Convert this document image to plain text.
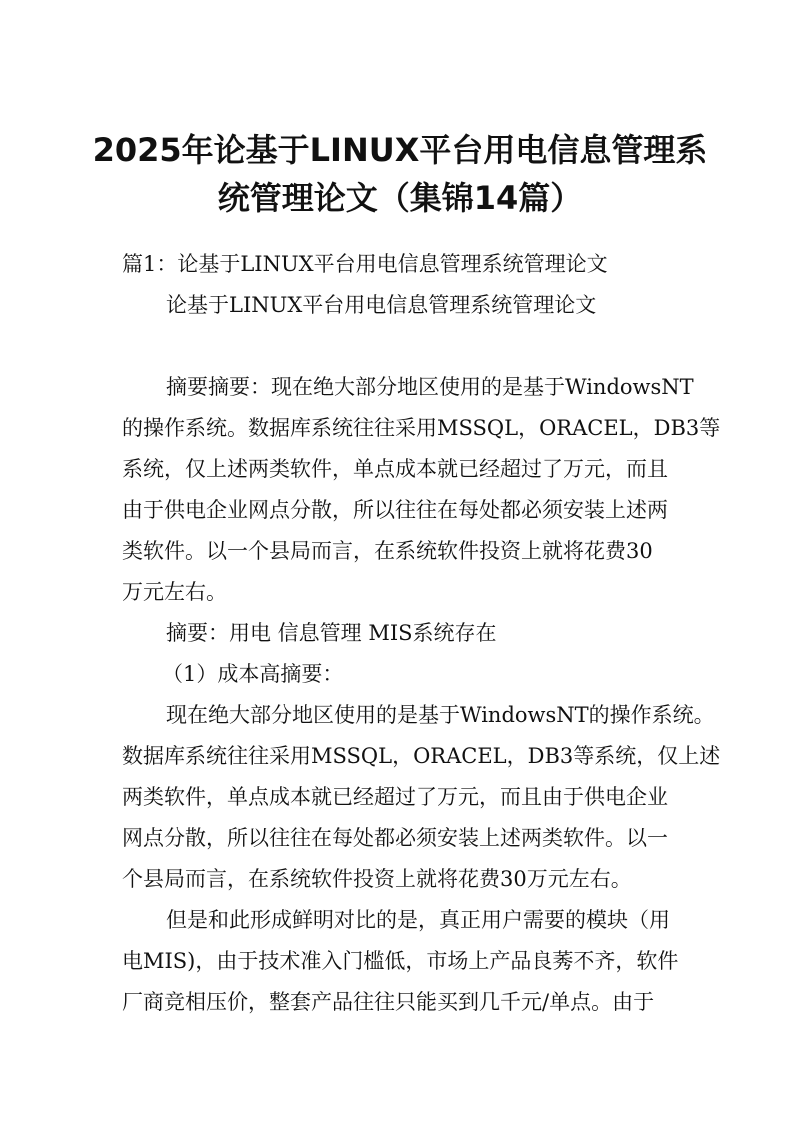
2025年论基于LINUX平台用电信息管理系
统管理论文（集锦14篇）
篇1：论基于LINUX平台用电信息管理系统管理论文
论基于LINUX平台用电信息管理系统管理论文
摘要摘要：现在绝大部分地区使用的是基于WindowsNT
的操作系统。数据库系统往往采用MSSQL，ORACEL，DB3等
系统，仅上述两类软件，单点成本就已经超过了万元，而且
由于供电企业网点分散，所以往往在每处都必须安装上述两
类软件。以一个县局而言，在系统软件投资上就将花费30
万元左右。
摘要：用电 信息管理 MIS系统存在
（1）成本高摘要：
现在绝大部分地区使用的是基于WindowsNT的操作系统。
数据库系统往往采用MSSQL，ORACEL，DB3等系统，仅上述
两类软件，单点成本就已经超过了万元，而且由于供电企业
网点分散，所以往往在每处都必须安装上述两类软件。以一
个县局而言，在系统软件投资上就将花费30万元左右。
但是和此形成鲜明对比的是，真正用户需要的模块（用
电MIS)，由于技术准入门槛低，市场上产品良莠不齐，软件
厂商竞相压价，整套产品往往只能买到几千元/单点。由于
